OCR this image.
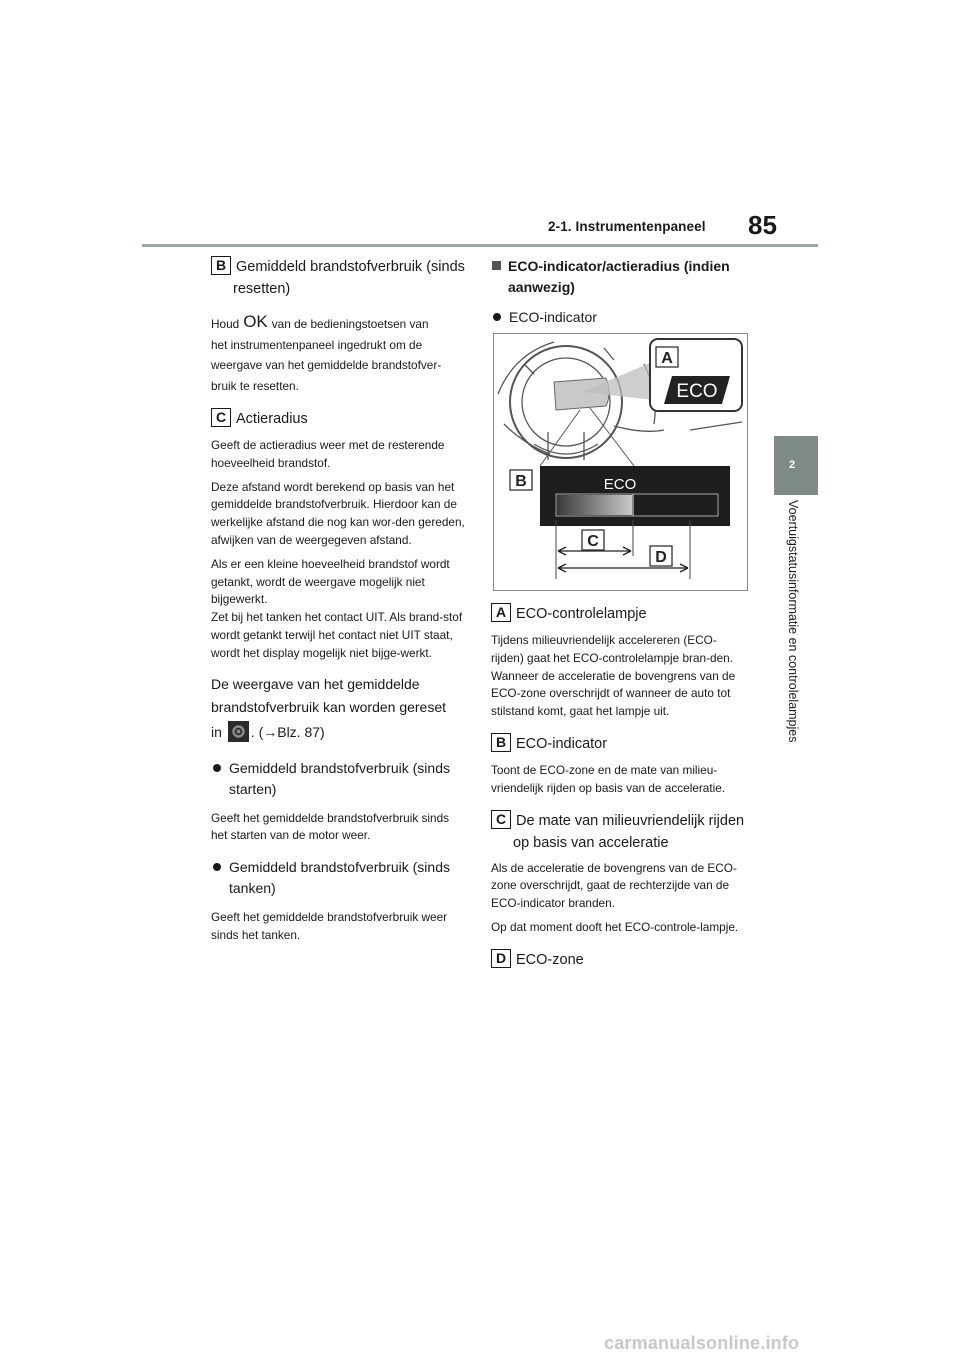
2-1. Instrumentenpaneel 85
2
Voertuigstatusinformatie en controlelampjes
B Gemiddeld brandstofverbruik (sinds
resetten)
Houd OK van de bedieningstoetsen van
het instrumentenpaneel ingedrukt om de
weergave van het gemiddelde brandstofver-
bruik te resetten.
C Actieradius

Geeft de actieradius weer met de resterende hoeveelheid brandstof.

Deze afstand wordt berekend op basis van het gemiddelde brandstofverbruik. Hierdoor kan de werkelijke afstand die nog kan wor-den gereden, afwijken van de weergegeven afstand.

Als er een kleine hoeveelheid brandstof wordt getankt, wordt de weergave mogelijk niet bijgewerkt.

Zet bij het tanken het contact UIT. Als brand-stof wordt getankt terwijl het contact niet UIT staat, wordt het display mogelijk niet bijge-werkt.

De weergave van het gemiddelde
brandstofverbruik kan worden gereset
in . (→Blz. 87)
Gemiddeld brandstofverbruik (sinds
starten)

Geeft het gemiddelde brandstofverbruik sinds het starten van de motor weer.

Gemiddeld brandstofverbruik (sinds
tanken)

Geeft het gemiddelde brandstofverbruik weer sinds het tanken.

ECO-indicator/actieradius (indien
aanwezig)
ECO-indicator
A
ECO
B	ECO
C
D
A ECO-controlelampje

Tijdens milieuvriendelijk accelereren (ECO-rijden) gaat het ECO-controlelampje bran-den. Wanneer de acceleratie de bovengrens van de ECO-zone overschrijdt of wanneer de auto tot stilstand komt, gaat het lampje uit.

B ECO-indicator

Toont de ECO-zone en de mate van milieu-vriendelijk rijden op basis van de acceleratie.

C De mate van milieuvriendelijk rijden
op basis van acceleratie

Als de acceleratie de bovengrens van de ECO-zone overschrijdt, gaat de rechterzijde van de ECO-indicator branden.

Op dat moment dooft het ECO-controle-lampje.

D ECO-zone
carmanualsonline.info
